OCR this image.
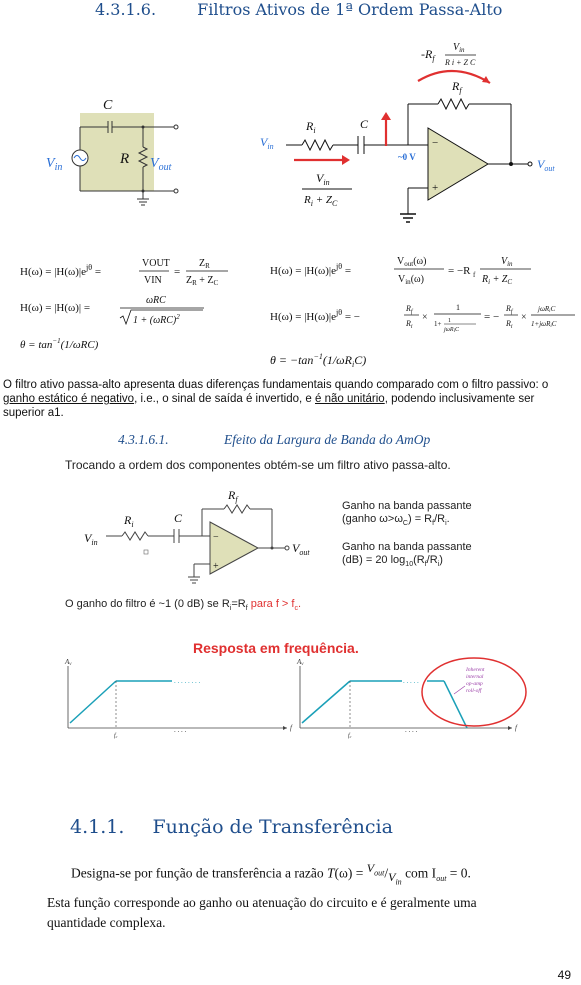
4.3.1.6.	Filtros Ativos de 1ª Ordem Passa-Alto
C
R
$V_{in}$	$V_{out}$
$-R_f$
$V_{in}$
R i + Z C
$R_f$
$V_{in}$
$R_i$	C
~0 V
−
+
$V_{out}$
$V_{in}$
$R_i + Z_C$
$H(\omega) = |H(\omega)|e^{j\theta}$ =
VOUT
VIN
=
$Z_R$
$Z_R + Z_C$
H(ω) = |H(ω)| =
ωRC
$1 + (\omega RC)^2$
$\theta = \tan^{-1}(1/\omega RC)$
$H(\omega) = |H(\omega)|e^{j\theta}$ =
$V_{out}(\omega)$
$V_{in}(\omega)$
= −R f
$V_{in}$
$R_i + Z_C$
$H(\omega) = |H(\omega)|e^{j\theta}$ = −
$R_f$
$R_i$
×
1
1+ 1
jωRiC
= −
$R_f$
$R_i$
×
jωRiC
1+jωRiC
$\theta = -\tan^{-1}(1/\omega R_iC)$
O filtro ativo passa-alto apresenta duas diferenças fundamentais quando comparado com o filtro passivo: o ganho estático é negativo, i.e., o sinal de saída é invertido, e é não unitário, podendo inclusivamente ser superior a1.
4.3.1.6.1.	Efeito da Largura de Banda do AmOp
Trocando a ordem dos componentes obtém-se um filtro ativo passa-alto.
$R_f$
$R_i$
$V_{in}$
C
−
+
$V_{out}$
Ganho na banda passante
(ganho $\omega>\omega_C) = R_f/R_i$.
Ganho na banda passante
(dB) = 20 $\log_{10}(R_f/R_i)$
O ganho do filtro é ~1 (0 dB) se $R_i=R_f$ para $f > f_c$.
Resposta em frequência.
Av
f
. . . . . . . .
fc
. . . .
Av
f
. . . . .
fc
. . . .
Inherent
internal
op-amp
roll-off
4.1.1. Função de Transferência
Designa-se por função de transferência a razão $T(\omega) = ^{V_{out}}/_{V_{in}}$ com $I_{out} = 0$.
Esta função corresponde ao ganho ou atenuação do circuito e é geralmente uma
quantidade complexa.
49
